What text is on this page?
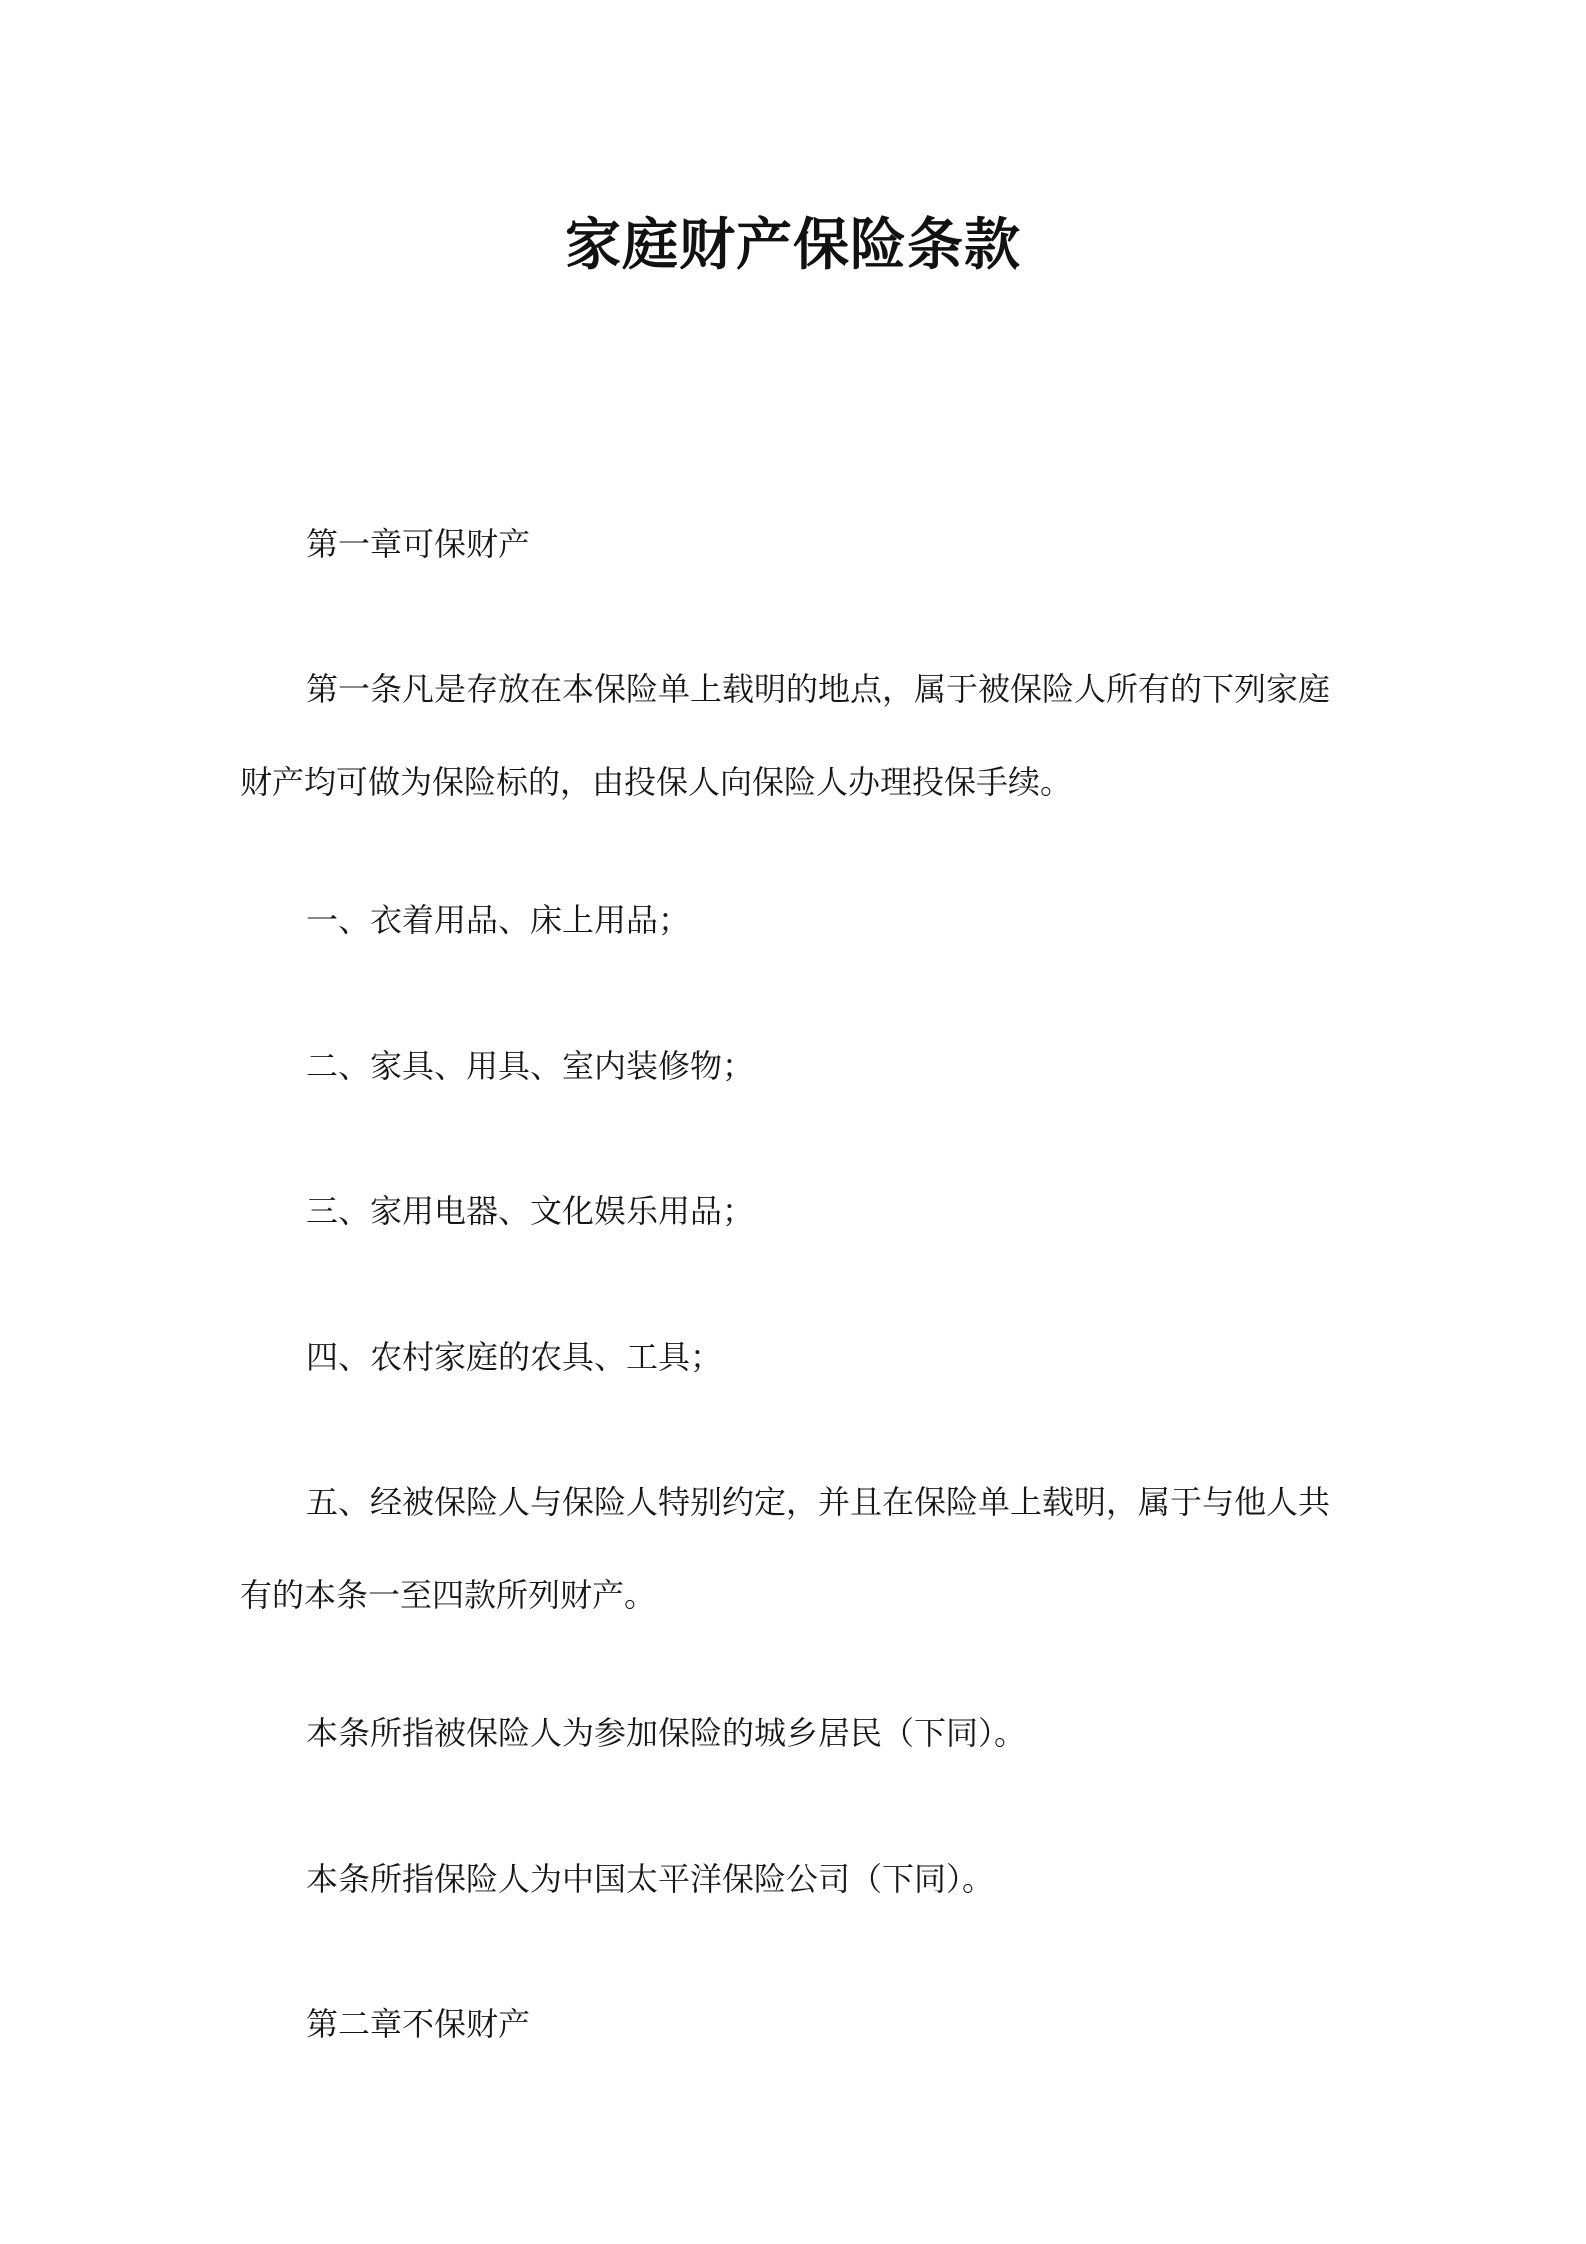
家庭财产保险条款

第一章可保财产

第一条凡是存放在本保险单上载明的地点，属于被保险人所有的下列家庭
财产均可做为保险标的，由投保人向保险人办理投保手续。

一、衣着用品、床上用品；

二、家具、用具、室内装修物；

三、家用电器、文化娱乐用品；

四、农村家庭的农具、工具；

五、经被保险人与保险人特别约定，并且在保险单上载明，属于与他人共
有的本条一至四款所列财产。

本条所指被保险人为参加保险的城乡居民（下同）。

本条所指保险人为中国太平洋保险公司（下同）。

第二章不保财产
